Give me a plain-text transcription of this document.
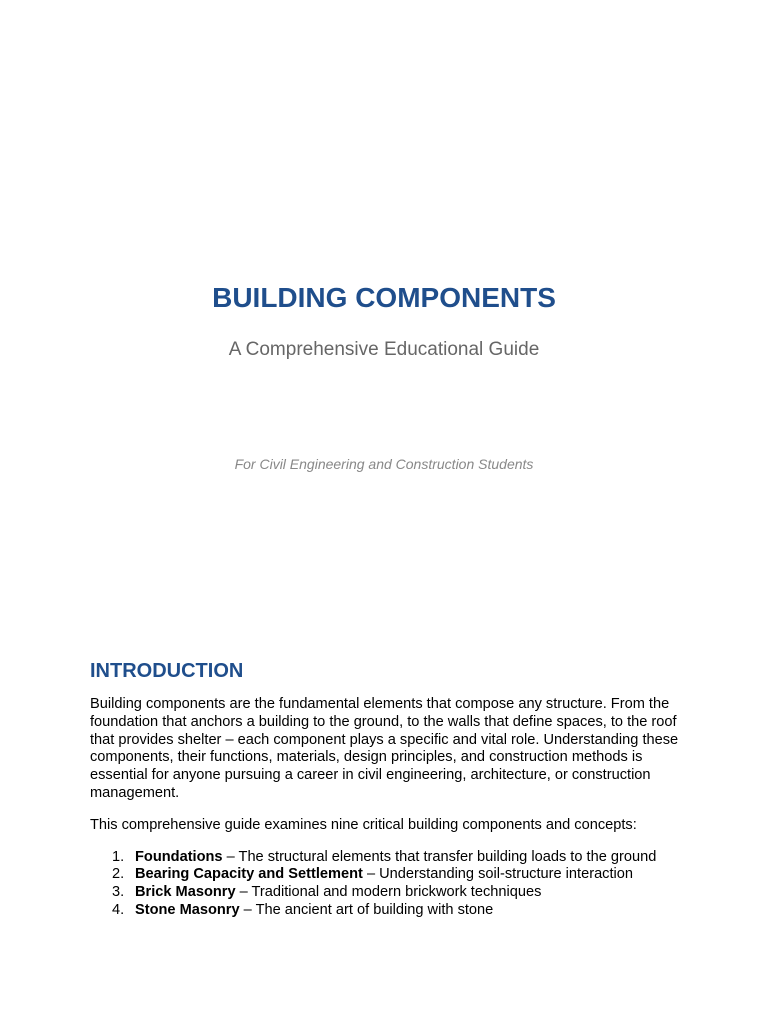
BUILDING COMPONENTS

A Comprehensive Educational Guide

For Civil Engineering and Construction Students

INTRODUCTION

Building components are the fundamental elements that compose any structure. From the foundation that anchors a building to the ground, to the walls that define spaces, to the roof that provides shelter – each component plays a specific and vital role. Understanding these components, their functions, materials, design principles, and construction methods is essential for anyone pursuing a career in civil engineering, architecture, or construction management.

This comprehensive guide examines nine critical building components and concepts:

1. Foundations – The structural elements that transfer building loads to the ground
2. Bearing Capacity and Settlement – Understanding soil-structure interaction
3. Brick Masonry – Traditional and modern brickwork techniques
4. Stone Masonry – The ancient art of building with stone
